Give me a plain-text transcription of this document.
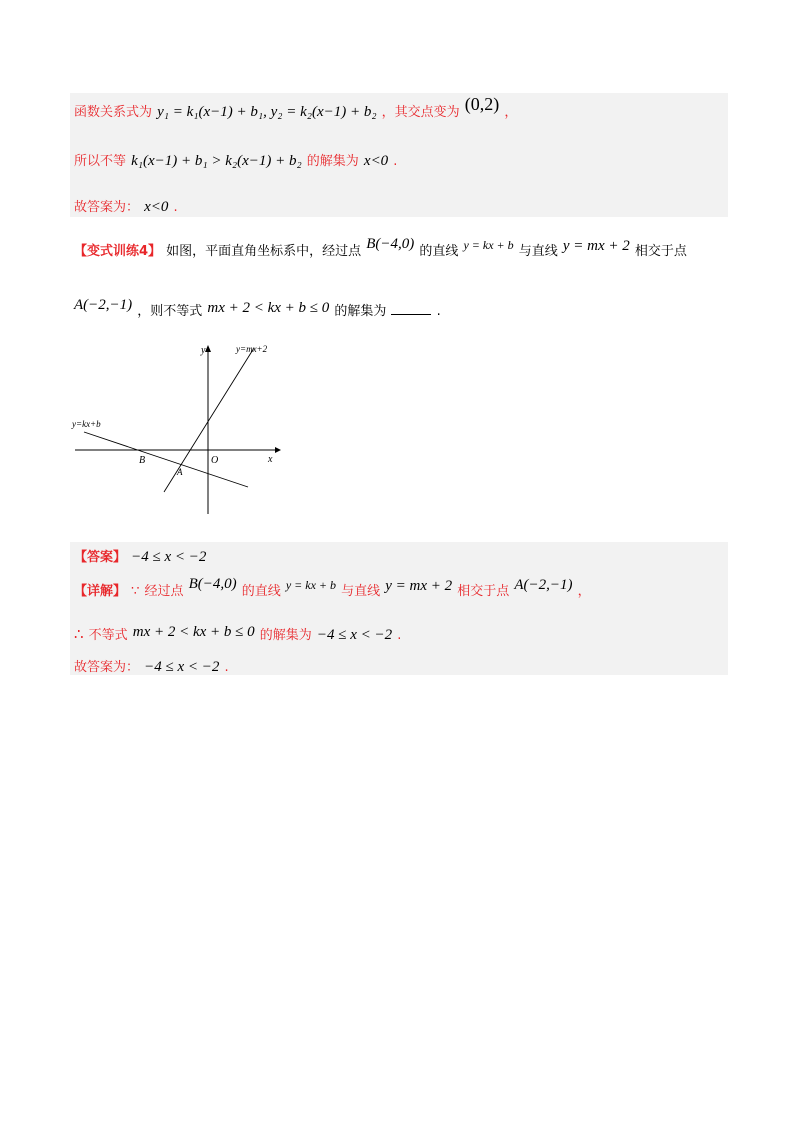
函数关系式为 y₁ = k₁(x−1) + b₁, y₂ = k₂(x−1) + b₂ ，其交点变为 (0,2) ，
所以不等 k₁(x−1) + b₁ > k₂(x−1) + b₂ 的解集为 x<0 .
故答案为： x<0 .
【变式训练4】 如图，平面直角坐标系中，经过点 B(−4,0) 的直线 $^{y = kx + b}$ 与直线 y = mx + 2 相交于点
A(−2,−1) ，则不等式 mx + 2 < kx + b ≤ 0 的解集为	.
y
x
O
B
A
y=mx+2
y=kx+b
【答案】 −4 ≤ x < −2
【详解】 ∵ 经过点 B(−4,0) 的直线 $^{y = kx + b}$ 与直线 y = mx + 2 相交于点 A(−2,−1) ，
∴ 不等式 mx + 2 < kx + b ≤ 0 的解集为 −4 ≤ x < −2 .
故答案为： −4 ≤ x < −2 .
